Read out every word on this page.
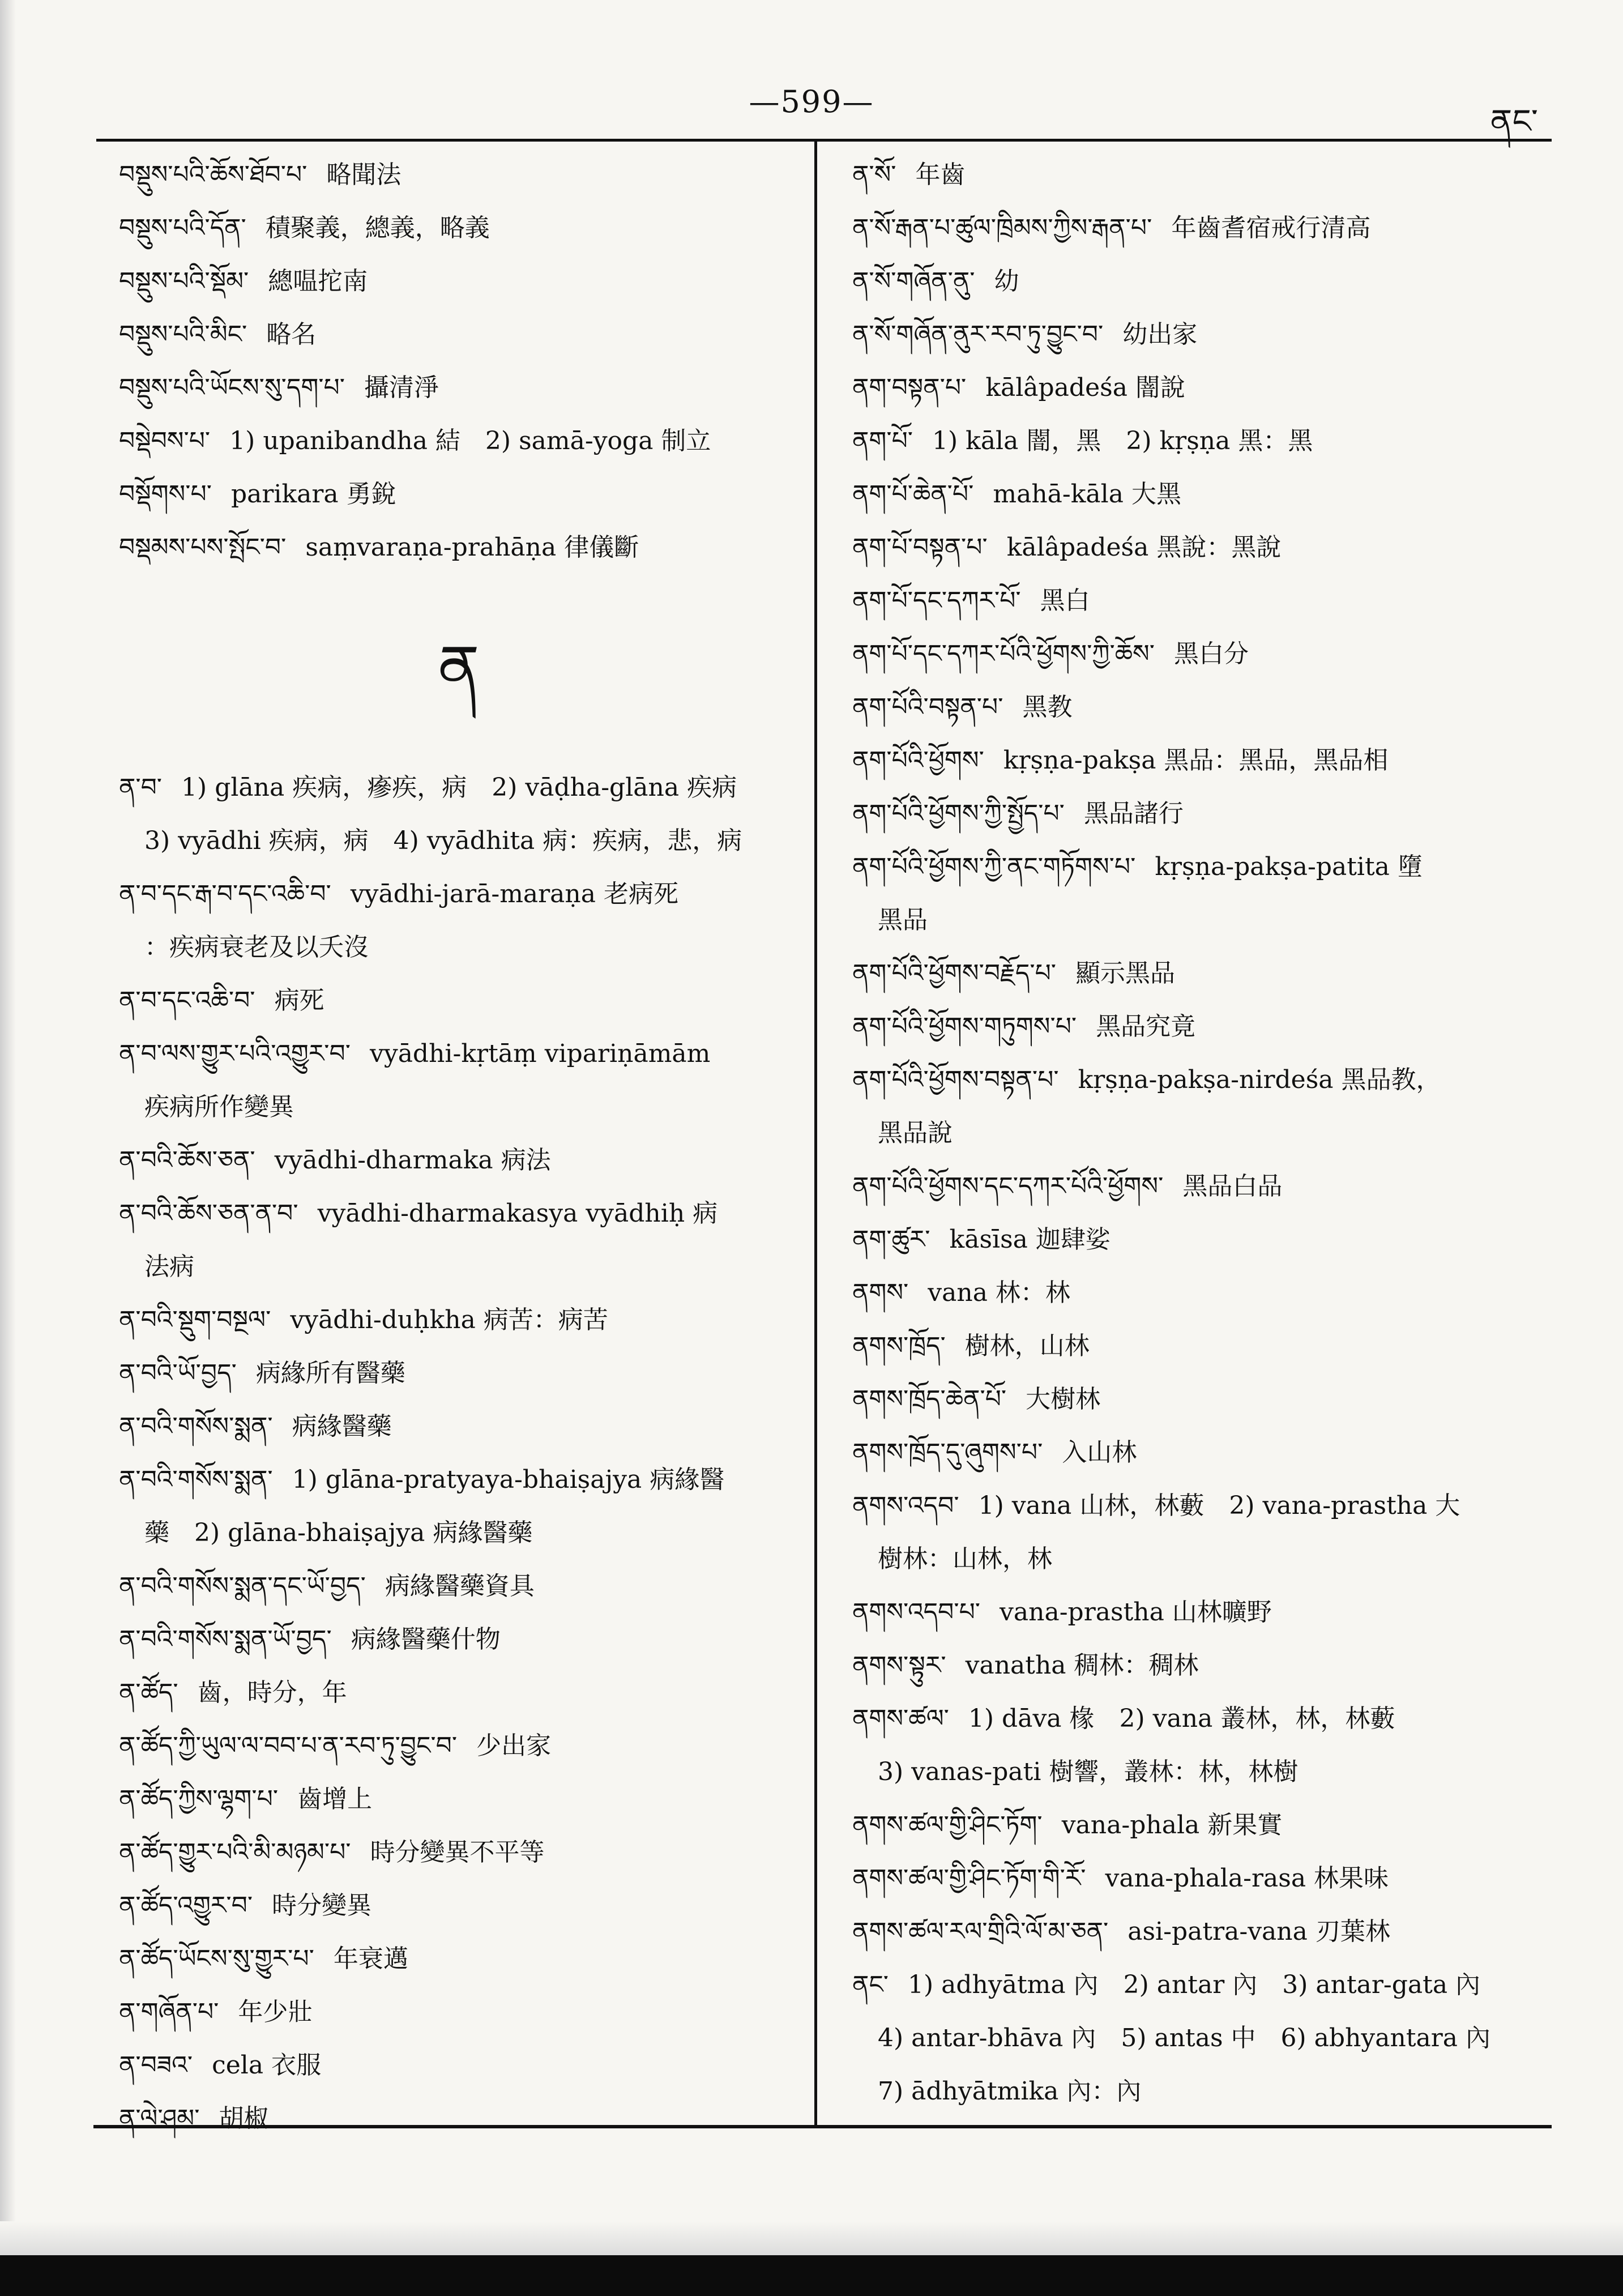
—599—
ནང་
བསྡུས་པའི་ཆོས་ཐོབ་པ་ 略聞法
བསྡུས་པའི་དོན་ 積聚義，總義，略義
བསྡུས་པའི་སྡོམ་ 總嗢拕南
བསྡུས་པའི་མིང་ 略名
བསྡུས་པའི་ཡོངས་སུ་དག་པ་ 攝清淨
བསྡེབས་པ་ 1) upanibandha 結　2) samā-yoga 制立
བསྡོགས་པ་ parikara 勇銳
བསྡམས་པས་སྤོང་བ་ saṃvaraṇa-prahāṇa 律儀斷
ན
ན་བ་ 1) glāna 疾病，瘮疾，病　2) vāḍha-glāna 疾病
3) vyādhi 疾病，病　4) vyādhita 病：疾病，悲，病
ན་བ་དང་རྒ་བ་དང་འཆི་བ་ vyādhi-jarā-maraṇa 老病死
：疾病衰老及以夭沒
ན་བ་དང་འཆི་བ་ 病死
ན་བ་ལས་གྱུར་པའི་འགྱུར་བ་ vyādhi-kṛtāṃ vipariṇāmām
疾病所作變異
ན་བའི་ཆོས་ཅན་ vyādhi-dharmaka 病法
ན་བའི་ཆོས་ཅན་ན་བ་ vyādhi-dharmakasya vyādhiḥ 病
法病
ན་བའི་སྡུག་བསྔལ་ vyādhi-duḥkha 病苦：病苦
ན་བའི་ཡོ་བྱད་ 病緣所有醫藥
ན་བའི་གསོས་སྨན་ 病緣醫藥
ན་བའི་གསོས་སྨན་ 1) glāna-pratyaya-bhaiṣajya 病緣醫
藥　2) glāna-bhaiṣajya 病緣醫藥
ན་བའི་གསོས་སྨན་དང་ཡོ་བྱད་ 病緣醫藥資具
ན་བའི་གསོས་སྨན་ཡོ་བྱད་ 病緣醫藥什物
ན་ཚོད་ 齒，時分，年
ན་ཚོད་ཀྱི་ཡུལ་ལ་བབ་པ་ན་རབ་ཏུ་བྱུང་བ་ 少出家
ན་ཚོད་ཀྱིས་ལྷག་པ་ 齒增上
ན་ཚོད་གྱུར་པའི་མི་མཉམ་པ་ 時分變異不平等
ན་ཚོད་འགྱུར་བ་ 時分變異
ན་ཚོད་ཡོངས་སུ་གྱུར་པ་ 年衰邁
ན་གཞོན་པ་ 年少壯
ན་བཟའ་ cela 衣服
ན་ལེ་ཤམ་ 胡椒
ན་སོ་ 年齒
ན་སོ་རྒན་པ་ཚུལ་ཁྲིམས་ཀྱིས་རྒན་པ་ 年齒耆宿戒行清高
ན་སོ་གཞོན་ནུ་ 幼
ན་སོ་གཞོན་ནུར་རབ་ཏུ་བྱུང་བ་ 幼出家
ནག་བསྟན་པ་ kālâpadeśa 闇說
ནག་པོ་ 1) kāla 闇，黑　2) kṛṣṇa 黑：黑
ནག་པོ་ཆེན་པོ་ mahā-kāla 大黑
ནག་པོ་བསྟན་པ་ kālâpadeśa 黑說：黑說
ནག་པོ་དང་དཀར་པོ་ 黑白
ནག་པོ་དང་དཀར་པོའི་ཕྱོགས་ཀྱི་ཆོས་ 黑白分
ནག་པོའི་བསྟན་པ་ 黑教
ནག་པོའི་ཕྱོགས་ kṛṣṇa-pakṣa 黑品：黑品，黑品相
ནག་པོའི་ཕྱོགས་ཀྱི་སྤྱོད་པ་ 黑品諸行
ནག་པོའི་ཕྱོགས་ཀྱི་ནང་གཏོགས་པ་ kṛṣṇa-pakṣa-patita 墮
黑品
ནག་པོའི་ཕྱོགས་བརྗོད་པ་ 顯示黑品
ནག་པོའི་ཕྱོགས་གཏུགས་པ་ 黑品究竟
ནག་པོའི་ཕྱོགས་བསྟན་པ་ kṛṣṇa-pakṣa-nirdeśa 黑品教，
黑品說
ནག་པོའི་ཕྱོགས་དང་དཀར་པོའི་ཕྱོགས་ 黑品白品
ནག་ཚུར་ kāsīsa 迦肆娑
ནགས་ vana 林：林
ནགས་ཁྲོད་ 樹林，山林
ནགས་ཁྲོད་ཆེན་པོ་ 大樹林
ནགས་ཁྲོད་དུ་ཞུགས་པ་ 入山林
ནགས་འདབ་ 1) vana 山林，林藪　2) vana-prastha 大
樹林：山林，林
ནགས་འདབ་པ་ vana-prastha 山林曠野
ནགས་སྟུར་ vanatha 稠林：稠林
ནགས་ཚལ་ 1) dāva 椽　2) vana 叢林，林，林藪
3) vanas-pati 樹響，叢林：林，林樹
ནགས་ཚལ་གྱི་ཤིང་ཏོག་ vana-phala 新果實
ནགས་ཚལ་གྱི་ཤིང་ཏོག་གི་རོ་ vana-phala-rasa 林果味
ནགས་ཚལ་རལ་གྲིའི་ལོ་མ་ཅན་ asi-patra-vana 刃葉林
ནང་ 1) adhyātma 內　2) antar 內　3) antar-gata 內
4) antar-bhāva 內　5) antas 中　6) abhyantara 內
7) ādhyātmika 內：內
